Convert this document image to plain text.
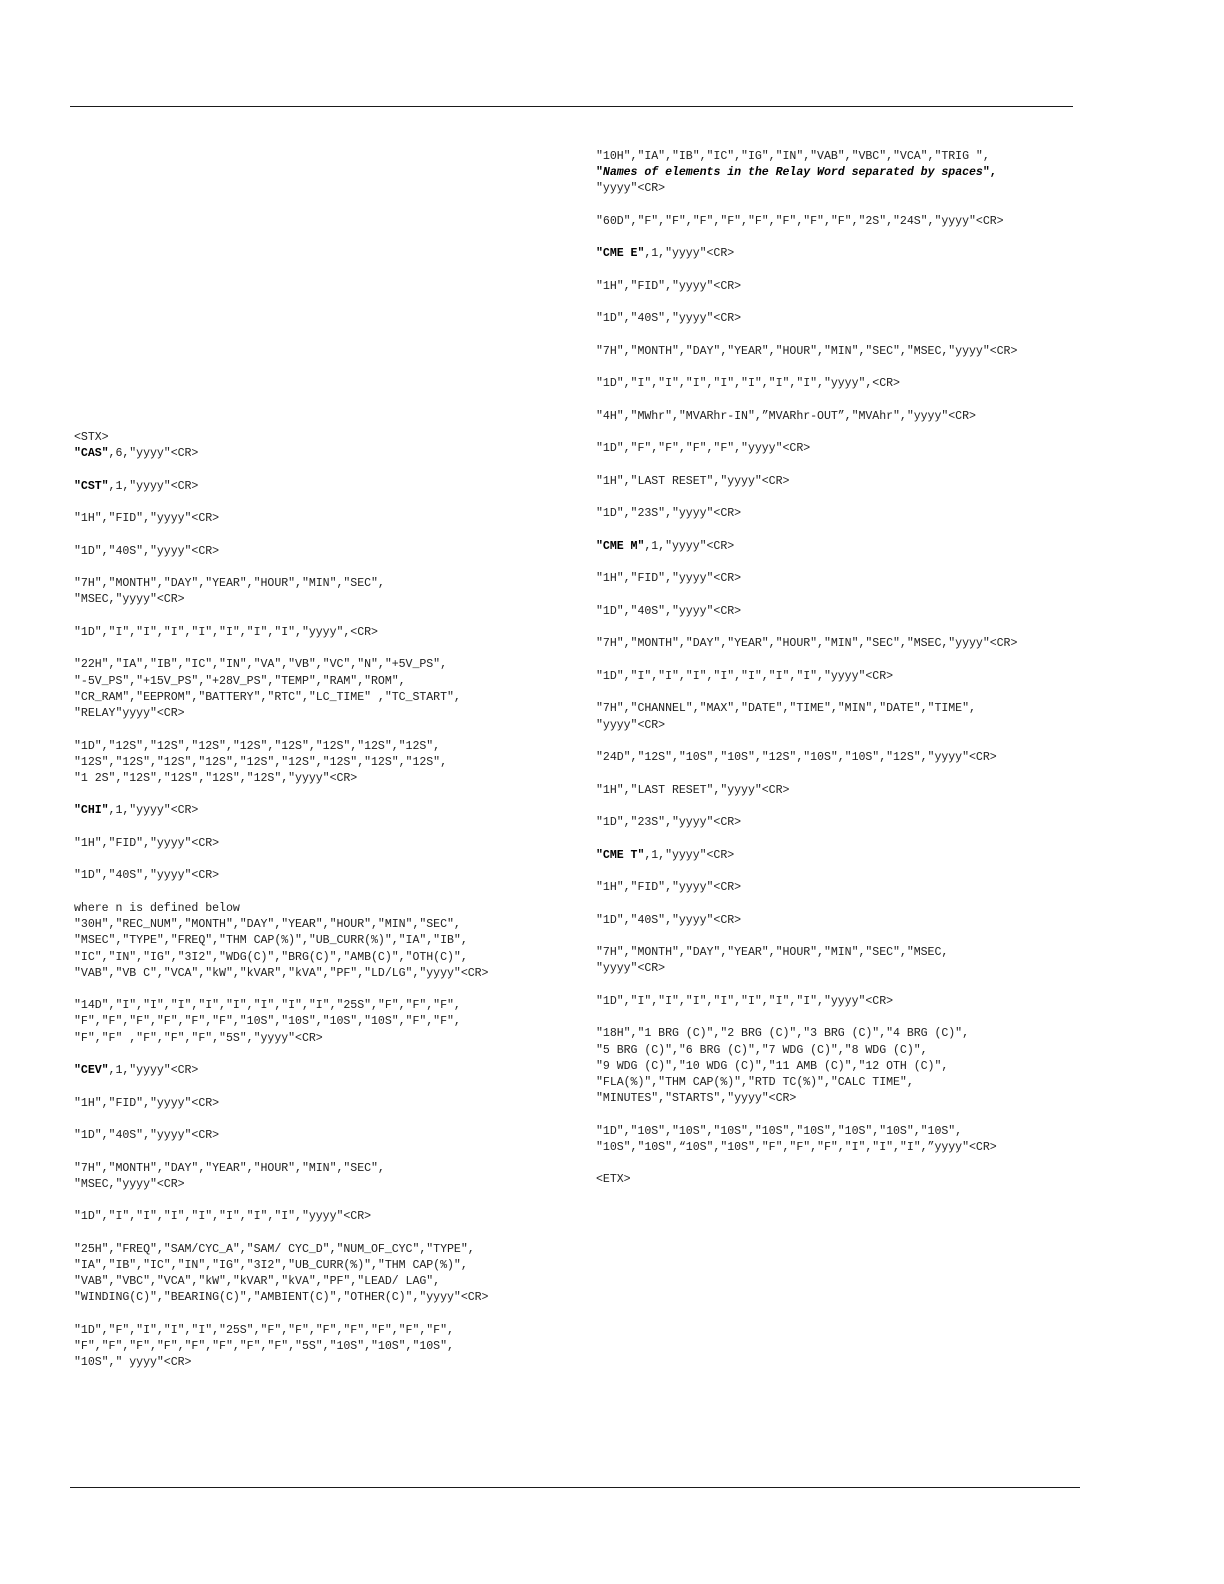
<STX>
"CAS",6,"yyyy"<CR>
"CST",1,"yyyy"<CR>
"1H","FID","yyyy"<CR>
"1D","40S","yyyy"<CR>
"7H","MONTH","DAY","YEAR","HOUR","MIN","SEC",
"MSEC,"yyyy"<CR>
"1D","I","I","I","I","I","I","I","yyyy",<CR>
"22H","IA","IB","IC","IN","VA","VB","VC","N","+5V_PS",
"-5V_PS","+15V_PS","+28V_PS","TEMP","RAM","ROM",
"CR_RAM","EEPROM","BATTERY","RTC","LC_TIME" ,"TC_START",
"RELAY"yyyy"<CR>
"1D","12S","12S","12S","12S","12S","12S","12S","12S",
"12S","12S","12S","12S","12S","12S","12S","12S","12S",
"1 2S","12S","12S","12S","12S","yyyy"<CR>
"CHI",1,"yyyy"<CR>
"1H","FID","yyyy"<CR>
"1D","40S","yyyy"<CR>
where n is defined below
"30H","REC_NUM","MONTH","DAY","YEAR","HOUR","MIN","SEC",
"MSEC","TYPE","FREQ","THM CAP(%)","UB_CURR(%)","IA","IB",
"IC","IN","IG","3I2","WDG(C)","BRG(C)","AMB(C)","OTH(C)",
"VAB","VB C","VCA","kW","kVAR","kVA","PF","LD/LG","yyyy"<CR>
"14D","I","I","I","I","I","I","I","I","25S","F","F","F",
"F","F","F","F","F","F","10S","10S","10S","10S","F","F",
"F","F" ,"F","F","F","5S","yyyy"<CR>
"CEV",1,"yyyy"<CR>
"1H","FID","yyyy"<CR>
"1D","40S","yyyy"<CR>
"7H","MONTH","DAY","YEAR","HOUR","MIN","SEC",
"MSEC,"yyyy"<CR>
"1D","I","I","I","I","I","I","I","yyyy"<CR>
"25H","FREQ","SAM/CYC_A","SAM/ CYC_D","NUM_OF_CYC","TYPE",
"IA","IB","IC","IN","IG","3I2","UB_CURR(%)","THM CAP(%)",
"VAB","VBC","VCA","kW","kVAR","kVA","PF","LEAD/ LAG",
"WINDING(C)","BEARING(C)","AMBIENT(C)","OTHER(C)","yyyy"<CR>
"1D","F","I","I","I","25S","F","F","F","F","F","F","F",
"F","F","F","F","F","F","F","F","5S","10S","10S","10S",
"10S"," yyyy"<CR>
"10H","IA","IB","IC","IG","IN","VAB","VBC","VCA","TRIG ",
"Names of elements in the Relay Word separated by spaces",
"yyyy"<CR>
"60D","F","F","F","F","F","F","F","F","2S","24S","yyyy"<CR>
"CME E",1,"yyyy"<CR>
"1H","FID","yyyy"<CR>
"1D","40S","yyyy"<CR>
"7H","MONTH","DAY","YEAR","HOUR","MIN","SEC","MSEC,"yyyy"<CR>
"1D","I","I","I","I","I","I","I","yyyy",<CR>
"4H","MWhr","MVARhr-IN",”MVARhr-OUT”,"MVAhr","yyyy"<CR>
"1D","F","F","F","F","yyyy"<CR>
"1H","LAST RESET","yyyy"<CR>
"1D","23S","yyyy"<CR>
"CME M",1,"yyyy"<CR>
"1H","FID","yyyy"<CR>
"1D","40S","yyyy"<CR>
"7H","MONTH","DAY","YEAR","HOUR","MIN","SEC","MSEC,"yyyy"<CR>
"1D","I","I","I","I","I","I","I","yyyy"<CR>
"7H","CHANNEL","MAX","DATE","TIME","MIN","DATE","TIME",
"yyyy"<CR>
"24D","12S","10S","10S","12S","10S","10S","12S","yyyy"<CR>
"1H","LAST RESET","yyyy"<CR>
"1D","23S","yyyy"<CR>
"CME T",1,"yyyy"<CR>
"1H","FID","yyyy"<CR>
"1D","40S","yyyy"<CR>
"7H","MONTH","DAY","YEAR","HOUR","MIN","SEC","MSEC,
"yyyy"<CR>
"1D","I","I","I","I","I","I","I","yyyy"<CR>
"18H","1 BRG (C)","2 BRG (C)","3 BRG (C)","4 BRG (C)",
"5 BRG (C)","6 BRG (C)","7 WDG (C)","8 WDG (C)",
"9 WDG (C)","10 WDG (C)","11 AMB (C)","12 OTH (C)",
"FLA(%)","THM CAP(%)","RTD TC(%)","CALC TIME",
"MINUTES","STARTS","yyyy"<CR>
"1D","10S","10S","10S","10S","10S","10S","10S","10S",
"10S","10S",“10S","10S","F","F","F","I","I","I",”yyyy"<CR>
<ETX>
